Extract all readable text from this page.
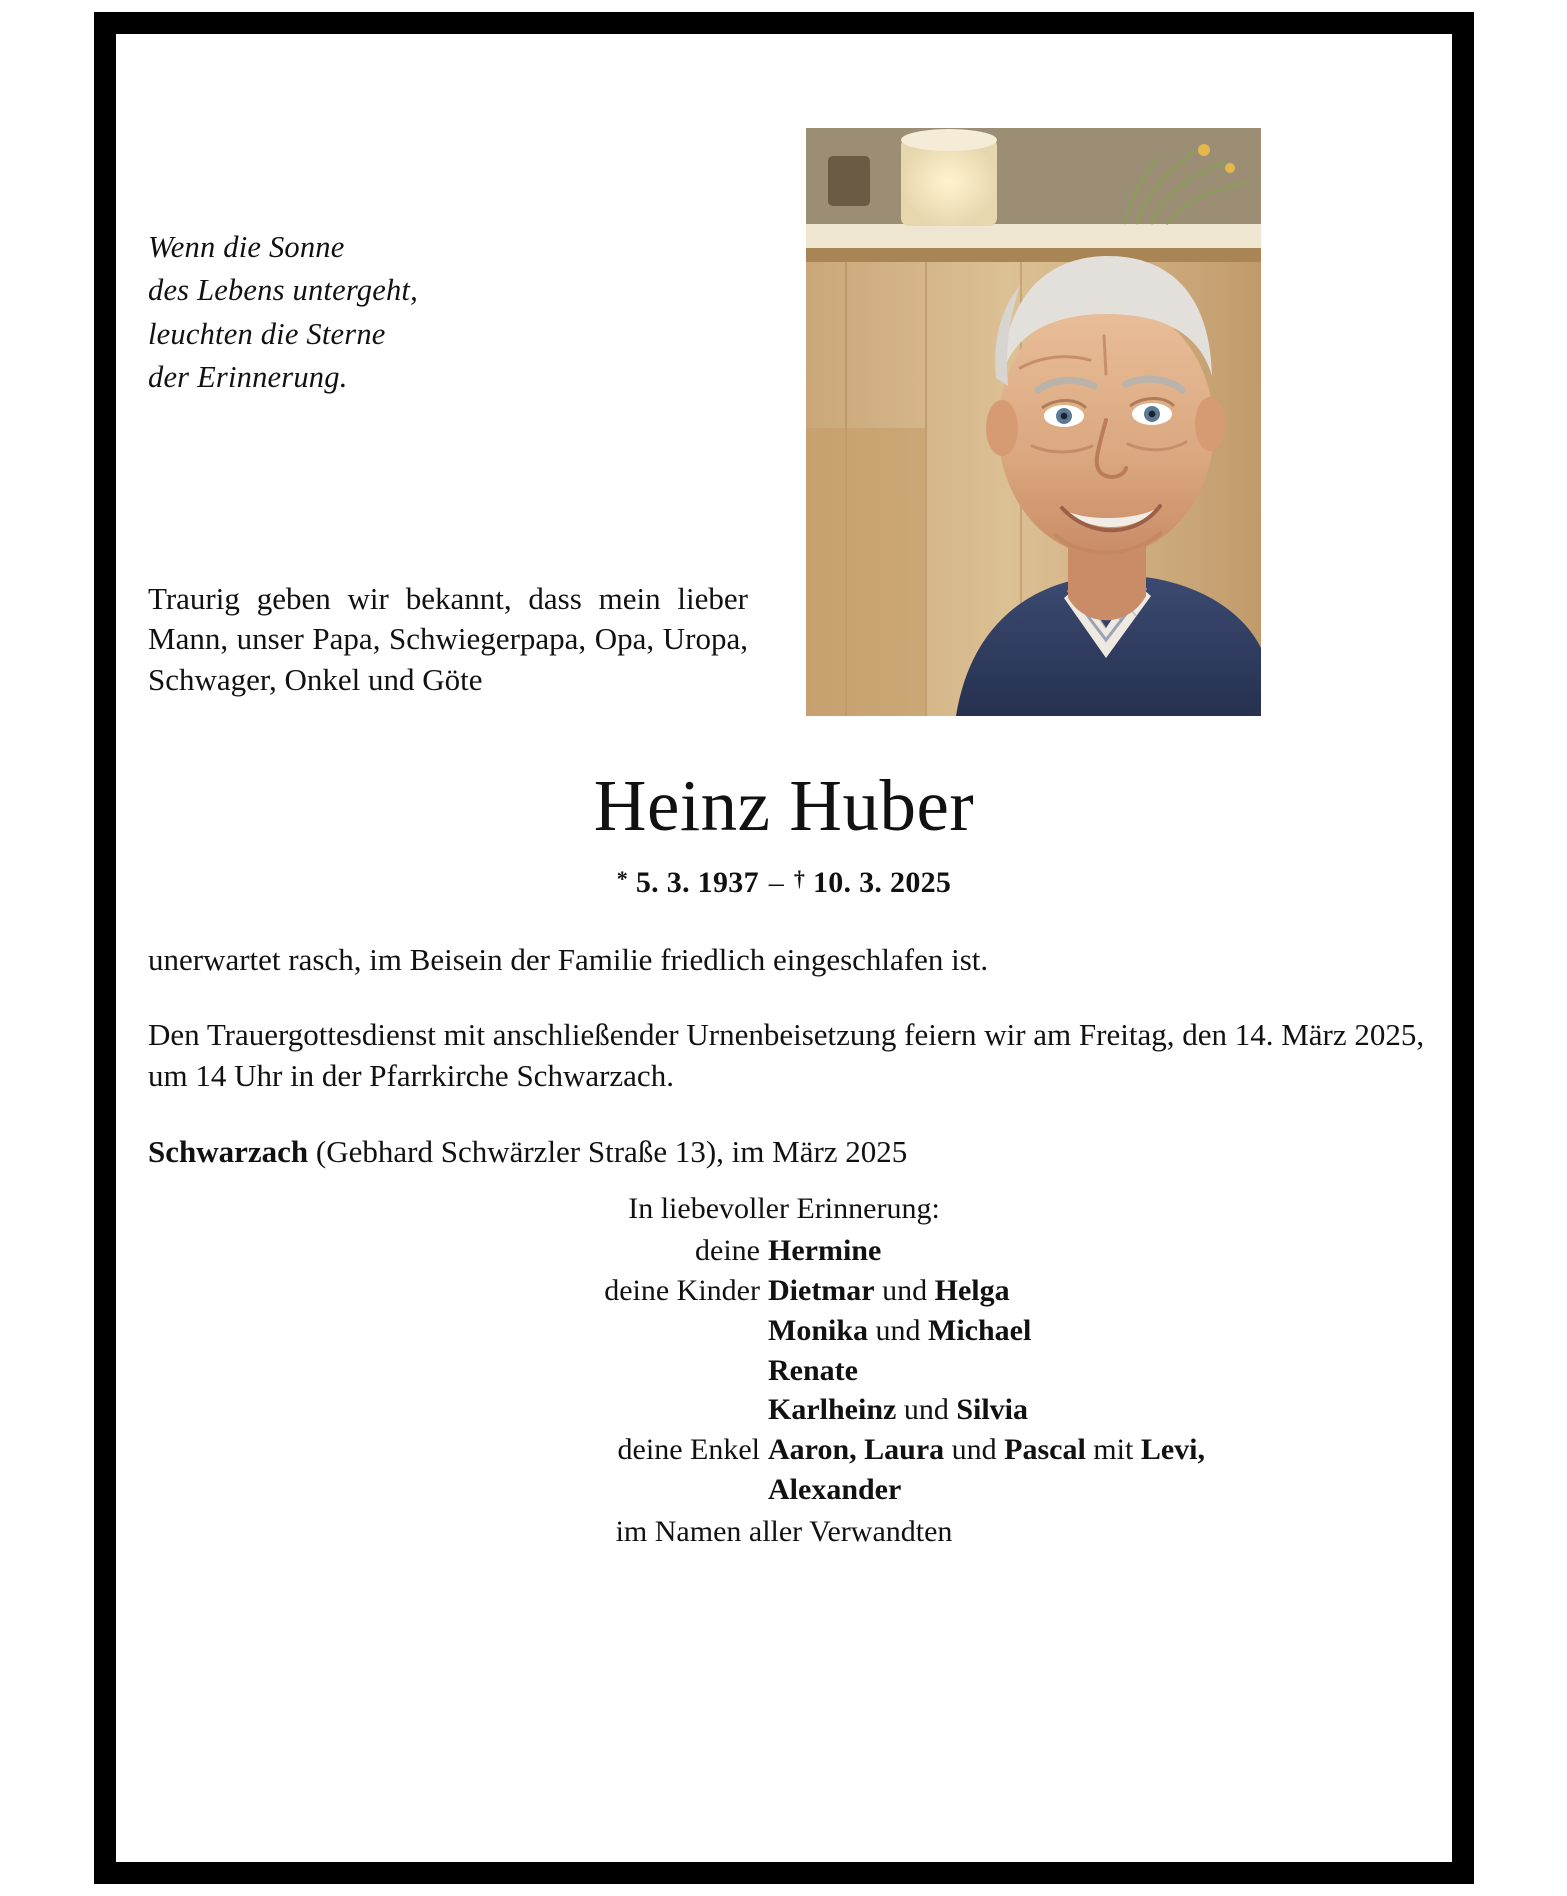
Wenn die Sonne
des Lebens untergeht,
leuchten die Sterne
der Erinnerung.
Traurig geben wir bekannt, dass mein lieber Mann, unser Papa, Schwiegerpapa, Opa, Uropa, Schwager, Onkel und Göte
Heinz Huber
* 5. 3. 1937 – † 10. 3. 2025

unerwartet rasch, im Beisein der Familie friedlich eingeschlafen ist.

Den Trauergottesdienst mit anschließender Urnenbeisetzung feiern wir am Freitag, den 14. März 2025, um 14 Uhr in der Pfarrkirche Schwarzach.

Schwarzach (Gebhard Schwärzler Straße 13), im März 2025

In liebevoller Erinnerung:
deine Hermine
deine Kinder Dietmar und Helga
Monika und Michael
Renate
Karlheinz und Silvia
deine Enkel Aaron, Laura und Pascal mit Levi,
Alexander
im Namen aller Verwandten
